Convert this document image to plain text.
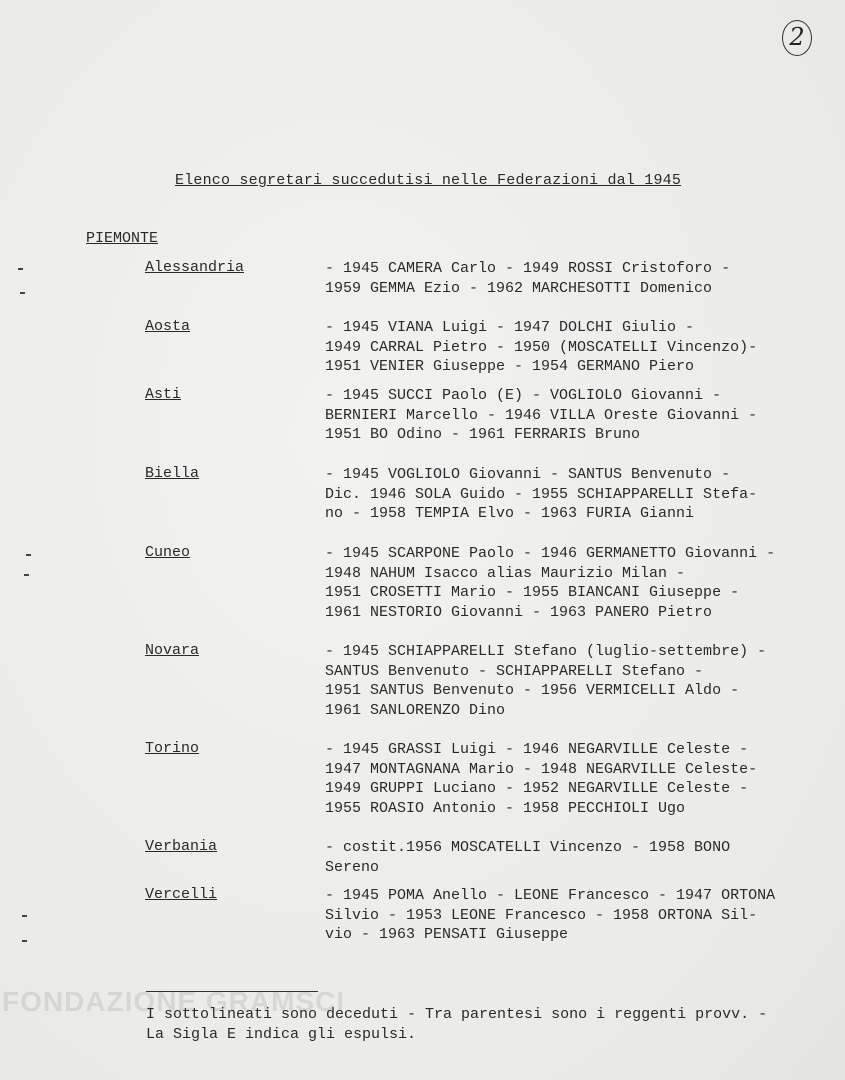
FONDAZIONE GRAMSCI
2
Elenco segretari succedutisi nelle Federazioni dal 1945
PIEMONTE
Alessandria	- 1945 CAMERA Carlo - 1949 ROSSI Cristoforo -
1959 GEMMA Ezio - 1962 MARCHESOTTI Domenico
Aosta	- 1945 VIANA Luigi - 1947 DOLCHI Giulio -
1949 CARRAL Pietro - 1950 (MOSCATELLI Vincenzo)-
1951 VENIER Giuseppe - 1954 GERMANO Piero
Asti	- 1945 SUCCI Paolo (E) - VOGLIOLO Giovanni -
BERNIERI Marcello - 1946 VILLA Oreste Giovanni -
1951 BO Odino - 1961 FERRARIS Bruno
Biella	- 1945 VOGLIOLO Giovanni - SANTUS Benvenuto -
Dic. 1946 SOLA Guido - 1955 SCHIAPPARELLI Stefa-
no - 1958 TEMPIA Elvo - 1963 FURIA Gianni
Cuneo	- 1945 SCARPONE Paolo - 1946 GERMANETTO Giovanni -
1948 NAHUM Isacco alias Maurizio Milan -
1951 CROSETTI Mario - 1955 BIANCANI Giuseppe -
1961 NESTORIO Giovanni - 1963 PANERO Pietro
Novara	- 1945 SCHIAPPARELLI Stefano (luglio-settembre) -
SANTUS Benvenuto - SCHIAPPARELLI Stefano -
1951 SANTUS Benvenuto - 1956 VERMICELLI Aldo -
1961 SANLORENZO Dino
Torino	- 1945 GRASSI Luigi - 1946 NEGARVILLE Celeste -
1947 MONTAGNANA Mario - 1948 NEGARVILLE Celeste-
1949 GRUPPI Luciano - 1952 NEGARVILLE Celeste -
1955 ROASIO Antonio - 1958 PECCHIOLI Ugo
Verbania	- costit.1956 MOSCATELLI Vincenzo - 1958 BONO
Sereno
Vercelli	- 1945 POMA Anello - LEONE Francesco - 1947 ORTONA
Silvio - 1953 LEONE Francesco - 1958 ORTONA Sil-
vio - 1963 PENSATI Giuseppe
I sottolineati sono deceduti - Tra parentesi sono i reggenti provv. -
La Sigla E indica gli espulsi.
